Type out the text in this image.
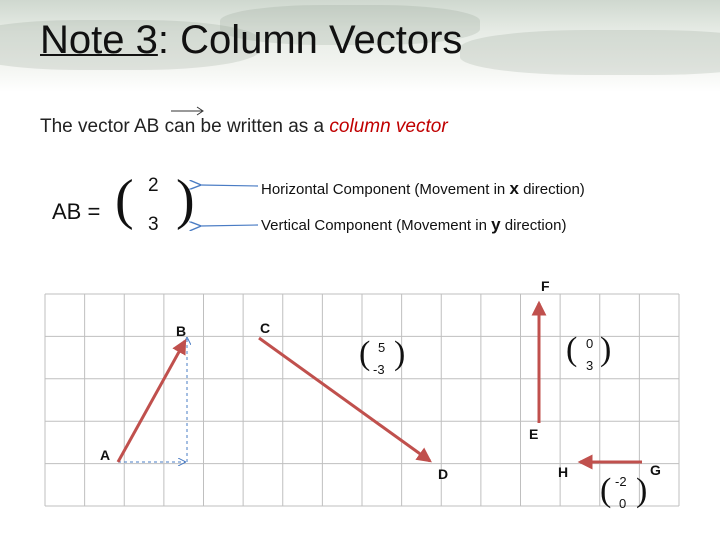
Note 3: Column Vectors
The vector AB can be written as a column vector
AB = ( )
2
3
Horizontal Component (Movement in x direction)
Vertical Component (Movement in y direction)
A
B	C
D
E
F
G
H
( )
5
-3
( )
0
3
( )
-2
0
